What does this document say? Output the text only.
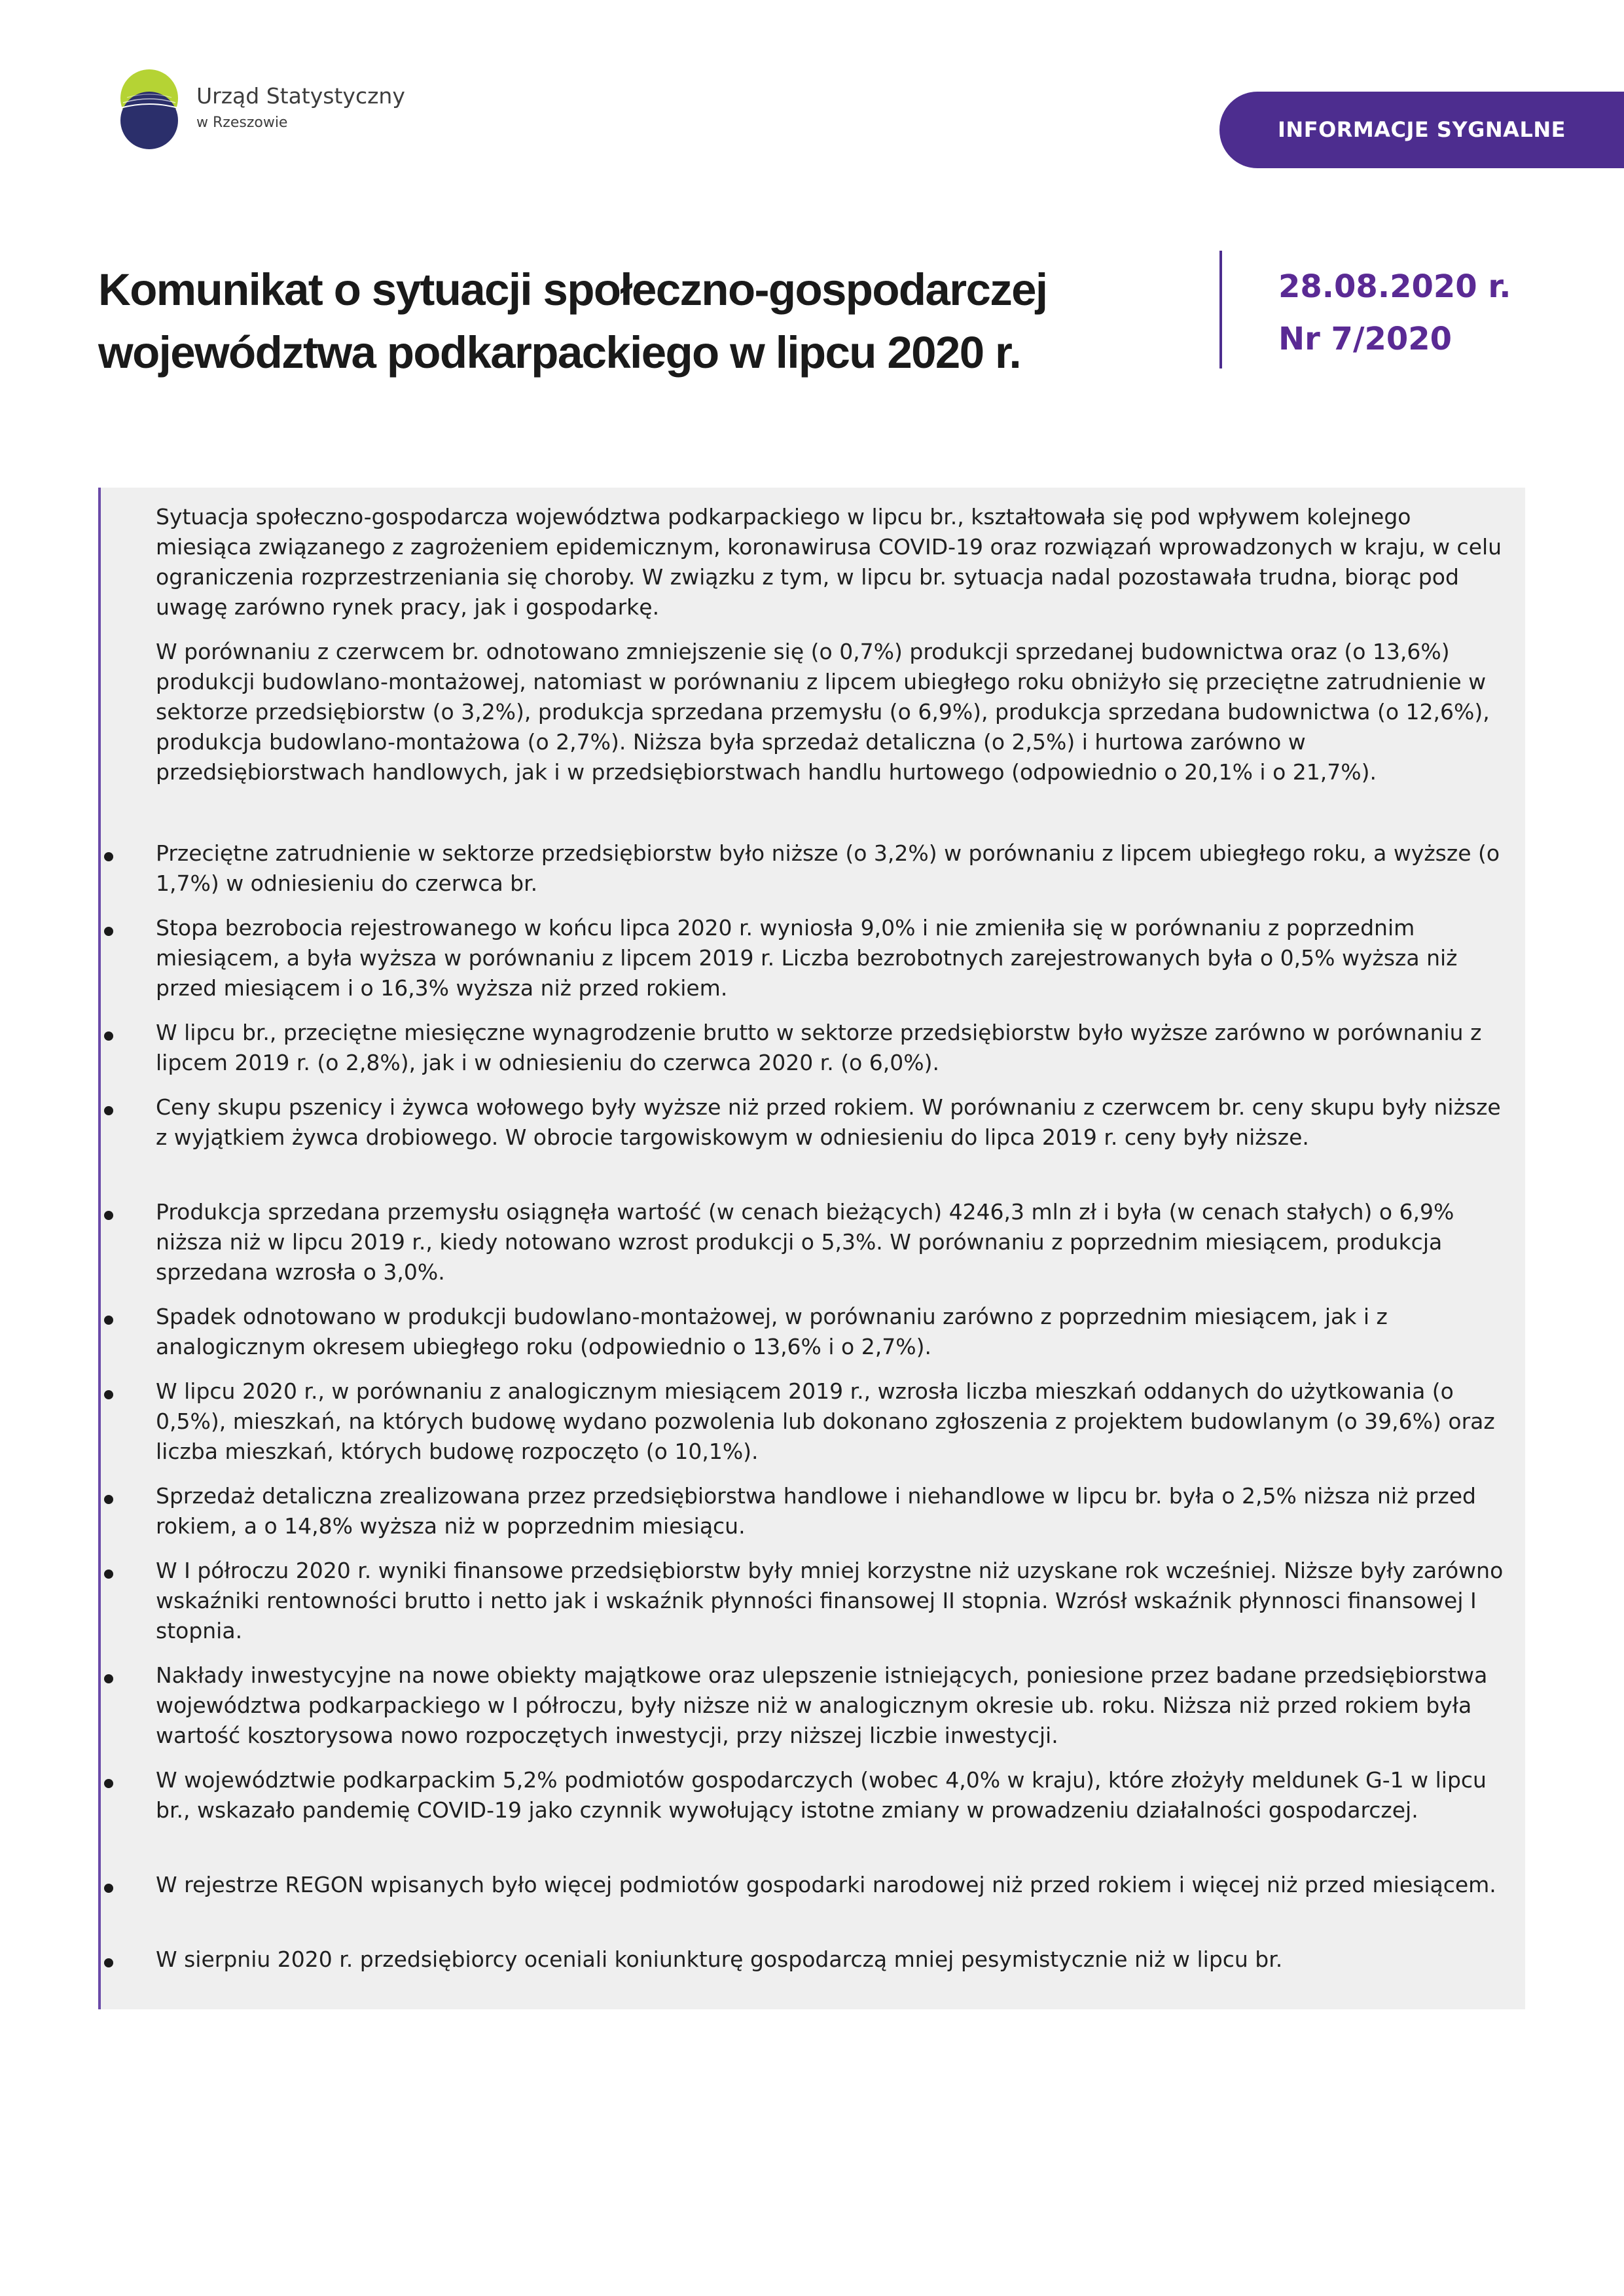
Urząd Statystyczny
w Rzeszowie	INFORMACJE SYGNALNE
Komunikat o sytuacji społeczno-gospodarczej
województwa podkarpackiego w lipcu 2020 r.
28.08.2020 r.
Nr 7/2020

Sytuacja społeczno-gospodarcza województwa podkarpackiego w lipcu br., kształtowała się pod wpływem kolejnego miesiąca związanego z zagrożeniem epidemicznym, koronawirusa COVID-19 oraz rozwiązań wprowadzonych w kraju, w celu ograniczenia rozprzestrzeniania się choroby. W związku z tym, w lipcu br. sytuacja nadal pozostawała trudna, biorąc pod uwagę zarówno rynek pracy, jak i gospodarkę.

W porównaniu z czerwcem br. odnotowano zmniejszenie się (o 0,7%) produkcji sprzedanej budownictwa oraz (o 13,6%) produkcji budowlano-montażowej, natomiast w porównaniu z lipcem ubiegłego roku obniżyło się przeciętne zatrudnienie w sektorze przedsiębiorstw (o 3,2%), produkcja sprzedana przemysłu (o 6,9%), produkcja sprzedana budownictwa (o 12,6%), produkcja budowlano-montażowa (o 2,7%). Niższa była sprzedaż detaliczna (o 2,5%) i hurtowa zarówno w przedsiębiorstwach handlowych, jak i w przedsiębiorstwach handlu hurtowego (odpowiednio o 20,1% i o 21,7%).

Przeciętne zatrudnienie w sektorze przedsiębiorstw było niższe (o 3,2%) w porównaniu z lipcem ubiegłego roku, a wyższe (o 1,7%) w odniesieniu do czerwca br.

Stopa bezrobocia rejestrowanego w końcu lipca 2020 r. wyniosła 9,0% i nie zmieniła się w porównaniu z poprzednim miesiącem, a była wyższa w porównaniu z lipcem 2019 r. Liczba bezrobotnych zarejestrowanych była o 0,5% wyższa niż przed miesiącem i o 16,3% wyższa niż przed rokiem.

W lipcu br., przeciętne miesięczne wynagrodzenie brutto w sektorze przedsiębiorstw było wyższe zarówno w porównaniu z lipcem 2019 r. (o 2,8%), jak i w odniesieniu do czerwca 2020 r. (o 6,0%).

Ceny skupu pszenicy i żywca wołowego były wyższe niż przed rokiem. W porównaniu z czerwcem br. ceny skupu były niższe z wyjątkiem żywca drobiowego. W obrocie targowiskowym w odniesieniu do lipca 2019 r. ceny były niższe.

Produkcja sprzedana przemysłu osiągnęła wartość (w cenach bieżących) 4246,3 mln zł i była (w cenach stałych) o 6,9% niższa niż w lipcu 2019 r., kiedy notowano wzrost produkcji o 5,3%. W porównaniu z poprzednim miesiącem, produkcja sprzedana wzrosła o 3,0%.

Spadek odnotowano w produkcji budowlano-montażowej, w porównaniu zarówno z poprzednim miesiącem, jak i z analogicznym okresem ubiegłego roku (odpowiednio o 13,6% i o 2,7%).

W lipcu 2020 r., w porównaniu z analogicznym miesiącem 2019 r., wzrosła liczba mieszkań oddanych do użytkowania (o 0,5%), mieszkań, na których budowę wydano pozwolenia lub dokonano zgłoszenia z projektem budowlanym (o 39,6%) oraz liczba mieszkań, których budowę rozpoczęto (o 10,1%).

Sprzedaż detaliczna zrealizowana przez przedsiębiorstwa handlowe i niehandlowe w lipcu br. była o 2,5% niższa niż przed rokiem, a o 14,8% wyższa niż w poprzednim miesiącu.

W I półroczu 2020 r. wyniki finansowe przedsiębiorstw były mniej korzystne niż uzyskane rok wcześniej. Niższe były zarówno wskaźniki rentowności brutto i netto jak i wskaźnik płynności finansowej II stopnia. Wzrósł wskaźnik płynnosci finansowej I stopnia.

Nakłady inwestycyjne na nowe obiekty majątkowe oraz ulepszenie istniejących, poniesione przez badane przedsiębiorstwa województwa podkarpackiego w I półroczu, były niższe niż w analogicznym okresie ub. roku. Niższa niż przed rokiem była wartość kosztorysowa nowo rozpoczętych inwestycji, przy niższej liczbie inwestycji.

W województwie podkarpackim 5,2% podmiotów gospodarczych (wobec 4,0% w kraju), które złożyły meldunek G-1 w lipcu br., wskazało pandemię COVID-19 jako czynnik wywołujący istotne zmiany w prowadzeniu działalności gospodarczej.

W rejestrze REGON wpisanych było więcej podmiotów gospodarki narodowej niż przed rokiem i więcej niż przed miesiącem.

W sierpniu 2020 r. przedsiębiorcy oceniali koniunkturę gospodarczą mniej pesymistycznie niż w lipcu br.
